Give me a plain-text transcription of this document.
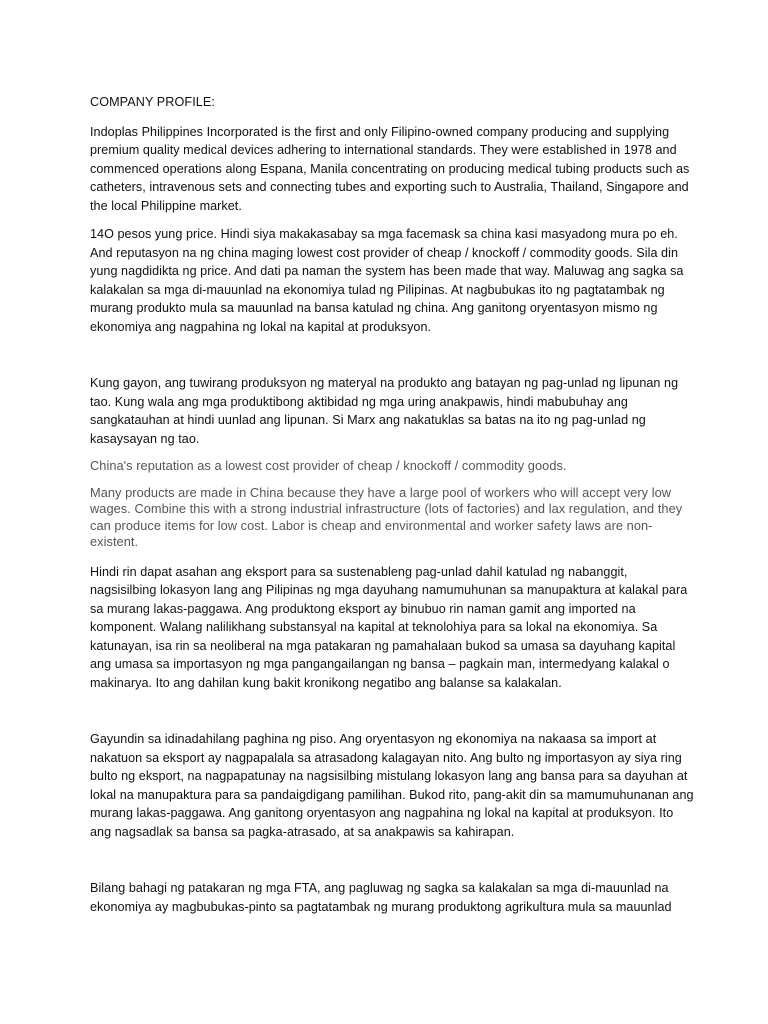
COMPANY PROFILE:

Indoplas Philippines Incorporated is the first and only Filipino-owned company producing and supplying premium quality medical devices adhering to international standards. They were established in 1978 and commenced operations along Espana, Manila concentrating on producing medical tubing products such as catheters, intravenous sets and connecting tubes and exporting such to Australia, Thailand, Singapore and the local Philippine market.

14O pesos yung price. Hindi siya makakasabay sa mga facemask sa china kasi masyadong mura po eh. And reputasyon na ng china maging lowest cost provider of cheap / knockoff / commodity goods. Sila din yung nagdidikta ng price. And dati pa naman the system has been made that way. Maluwag ang sagka sa kalakalan sa mga di-mauunlad na ekonomiya tulad ng Pilipinas. At nagbubukas ito ng pagtatambak ng murang produkto mula sa mauunlad na bansa katulad ng china. Ang ganitong oryentasyon mismo ng ekonomiya ang nagpahina ng lokal na kapital at produksyon.

Kung gayon, ang tuwirang produksyon ng materyal na produkto ang batayan ng pag-unlad ng lipunan ng tao. Kung wala ang mga produktibong aktibidad ng mga uring anakpawis, hindi mabubuhay ang sangkatauhan at hindi uunlad ang lipunan. Si Marx ang nakatuklas sa batas na ito ng pag-unlad ng kasaysayan ng tao.

China's reputation as a lowest cost provider of cheap / knockoff / commodity goods.

Many products are made in China because they have a large pool of workers who will accept very low wages. Combine this with a strong industrial infrastructure (lots of factories) and lax regulation, and they can produce items for low cost. Labor is cheap and environmental and worker safety laws are non-existent.

Hindi rin dapat asahan ang eksport para sa sustenableng pag-unlad dahil katulad ng nabanggit, nagsisilbing lokasyon lang ang Pilipinas ng mga dayuhang namumuhunan sa manupaktura at kalakal para sa murang lakas-paggawa. Ang produktong eksport ay binubuo rin naman gamit ang imported na komponent. Walang nalilikhang substansyal na kapital at teknolohiya para sa lokal na ekonomiya. Sa katunayan, isa rin sa neoliberal na mga patakaran ng pamahalaan bukod sa umasa sa dayuhang kapital ang umasa sa importasyon ng mga pangangailangan ng bansa – pagkain man, intermedyang kalakal o makinarya. Ito ang dahilan kung bakit kronikong negatibo ang balanse sa kalakalan.

Gayundin sa idinadahilang paghina ng piso. Ang oryentasyon ng ekonomiya na nakaasa sa import at nakatuon sa eksport ay nagpapalala sa atrasadong kalagayan nito. Ang bulto ng importasyon ay siya ring bulto ng eksport, na nagpapatunay na nagsisilbing mistulang lokasyon lang ang bansa para sa dayuhan at lokal na manupaktura para sa pandaigdigang pamilihan. Bukod rito, pang-akit din sa mamumuhunanan ang murang lakas-paggawa. Ang ganitong oryentasyon ang nagpahina ng lokal na kapital at produksyon. Ito ang nagsadlak sa bansa sa pagka-atrasado, at sa anakpawis sa kahirapan.

Bilang bahagi ng patakaran ng mga FTA, ang pagluwag ng sagka sa kalakalan sa mga di-mauunlad na ekonomiya ay magbubukas-pinto sa pagtatambak ng murang produktong agrikultura mula sa mauunlad
